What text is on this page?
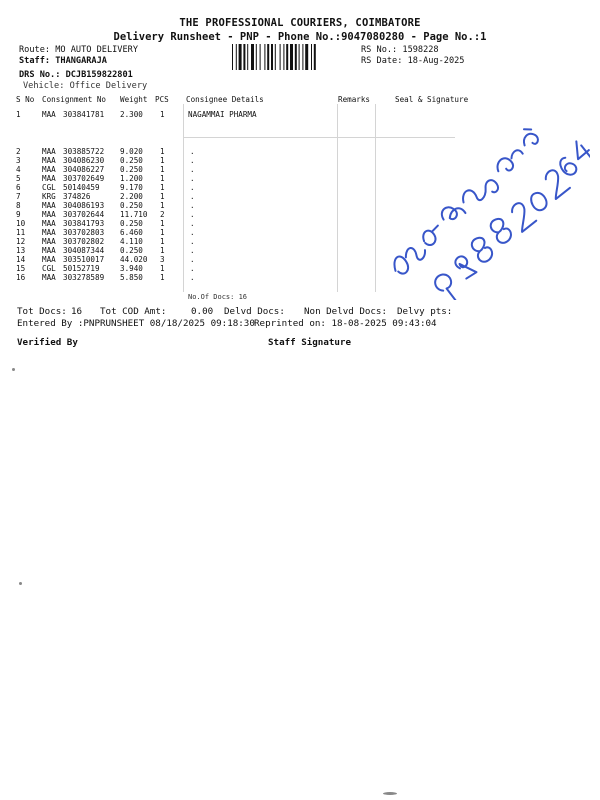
THE PROFESSIONAL COURIERS, COIMBATORE
Delivery Runsheet - PNP - Phone No.:9047080280 - Page No.:1
Route: MO AUTO DELIVERY
Staff: THANGARAJA
DRS No.: DCJB159822801
Vehicle: Office Delivery
RS No.: 1598228
RS Date: 18-Aug-2025
S No Consignment No Weight PCS Consignee Details	Remarks	Seal & Signature
1	MAA 303841781 2.300 1	NAGAMMAI PHARMA
2	MAA 303885722 9.020 1	.
3	MAA 304086230 0.250 1	.
4	MAA 304086227 0.250 1	.
5	MAA 303702649 1.200 1	.
6	CGL 50140459	9.170 1	.
7	KRG 374826	2.200 1	.
8	MAA 304086193 0.250 1	.
9	MAA 303702644 11.710 2	.
10 MAA 303841793 0.250 1	.
11 MAA 303702803 6.460 1	.
12 MAA 303702802 4.110 1	.
13 MAA 304087344 0.250 1	.
14 MAA 303510017 44.020 3	.
15 CGL 50152719	3.940 1	.
16 MAA 303278589 5.850 1	.
No.Of Docs: 16
Tot Docs: 16 Tot COD Amt:	0.00 Delvd Docs: Non Delvd Docs: Delvy pts:
Entered By :PNPRUNSHEET 08/18/2025 09:18:30 Reprinted on: 18-08-2025 09:43:04
Verified By	Staff Signature
